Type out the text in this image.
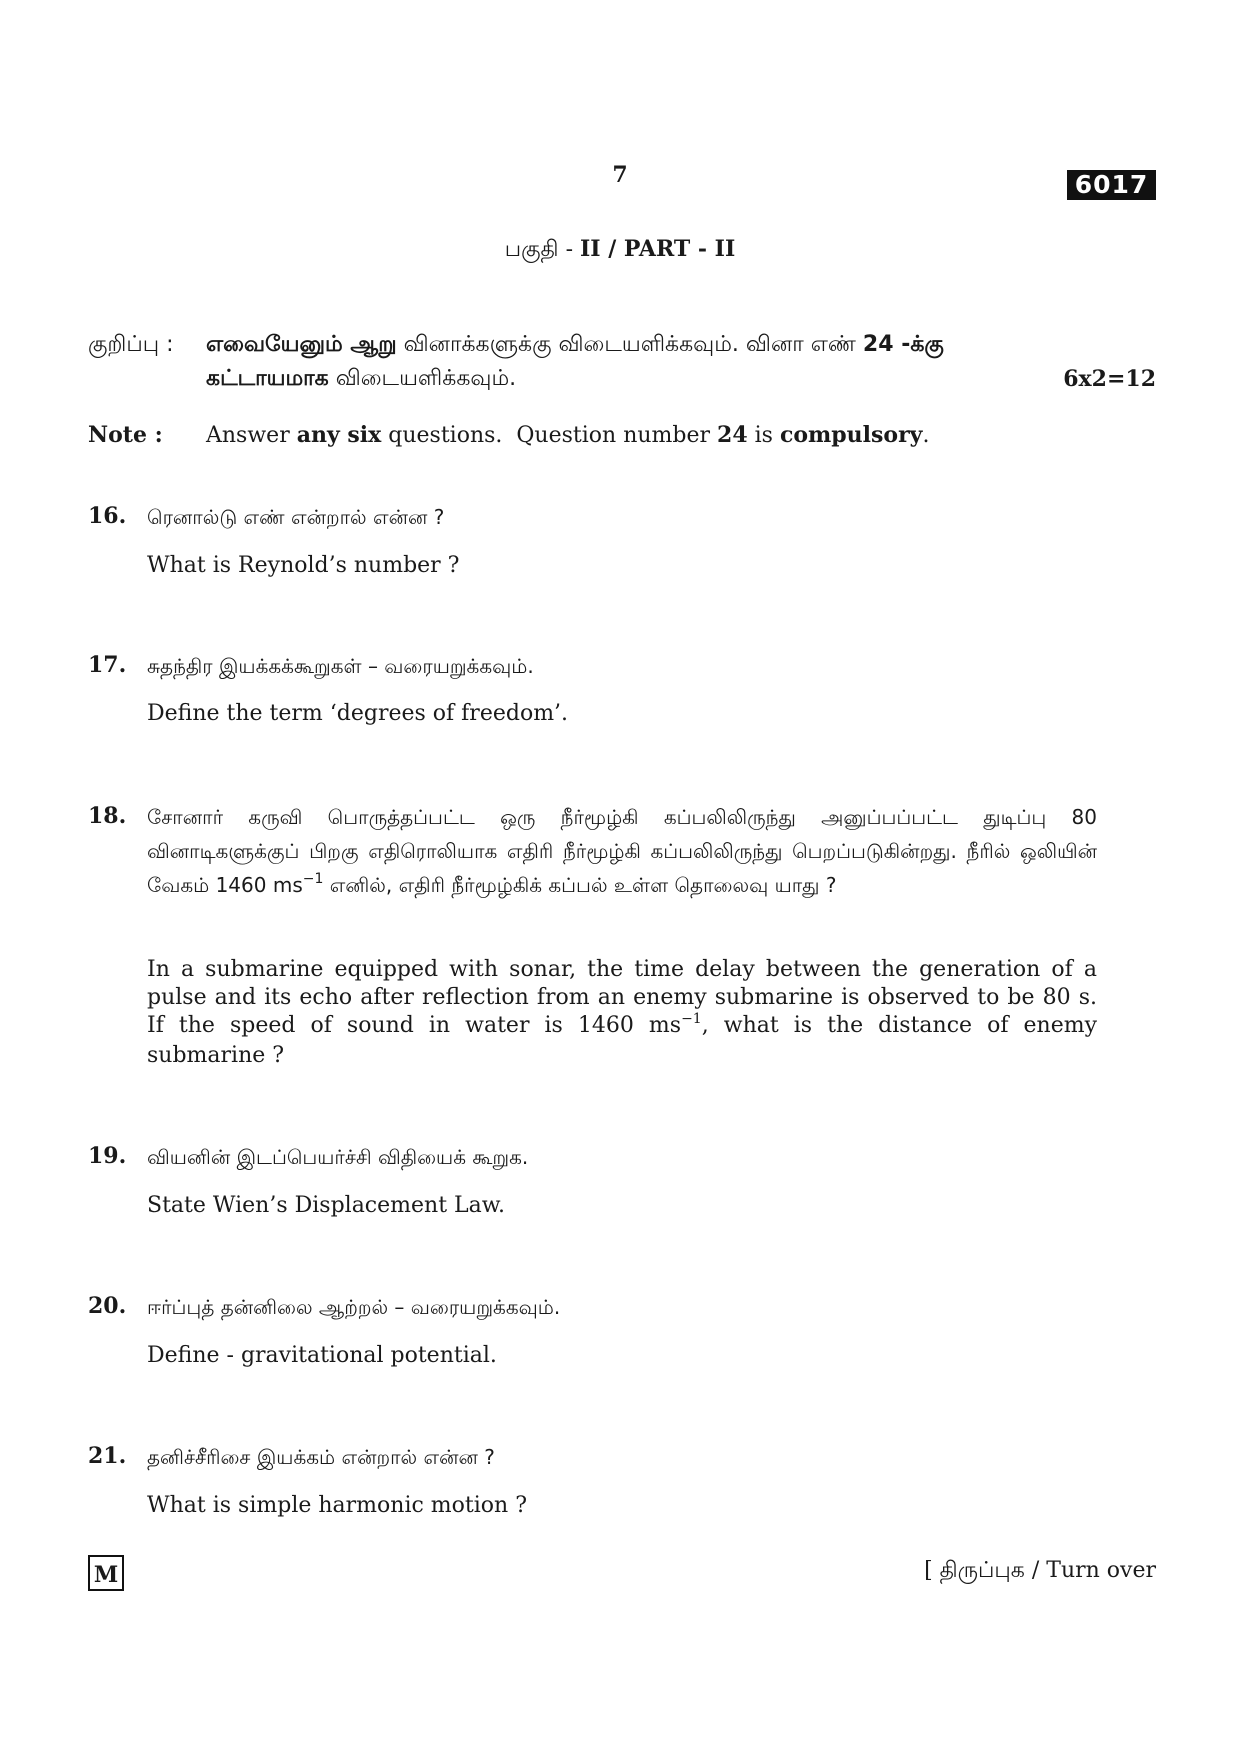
7	6017
பகுதி - II / PART - II
குறிப்பு : எவையேனும் ஆறு வினாக்களுக்கு விடையளிக்கவும். வினா எண் 24 -க்கு
கட்டாயமாக விடையளிக்கவும்.	6x2=12
Note : Answer any six questions.  Question number 24 is compulsory.
16. ரெனால்டு எண் என்றால் என்ன ?
What is Reynold’s number ?
17. சுதந்திர இயக்கக்கூறுகள் – வரையறுக்கவும்.
Define the term ‘degrees of freedom’.
18. சோனார் கருவி பொருத்தப்பட்ட ஒரு நீர்மூழ்கி கப்பலிலிருந்து அனுப்பப்பட்ட துடிப்பு 80 வினாடிகளுக்குப் பிறகு எதிரொலியாக எதிரி நீர்மூழ்கி கப்பலிலிருந்து பெறப்படுகின்றது. நீரில் ஒலியின் வேகம் 1460 $ms^{-1}$ எனில், எதிரி நீர்மூழ்கிக் கப்பல் உள்ள தொலைவு யாது ?
In a submarine equipped with sonar, the time delay between the generation of a pulse and its echo after reflection from an enemy submarine is observed to be 80 s. If the speed of sound in water is 1460 $ms^{-1}$, what is the distance of enemy submarine ?
19. வியனின் இடப்பெயர்ச்சி விதியைக் கூறுக.
State Wien’s Displacement Law.
20. ஈர்ப்புத் தன்னிலை ஆற்றல் – வரையறுக்கவும்.
Define - gravitational potential.
21. தனிச்சீரிசை இயக்கம் என்றால் என்ன ?
What is simple harmonic motion ?
M	[ திருப்புக / Turn over
